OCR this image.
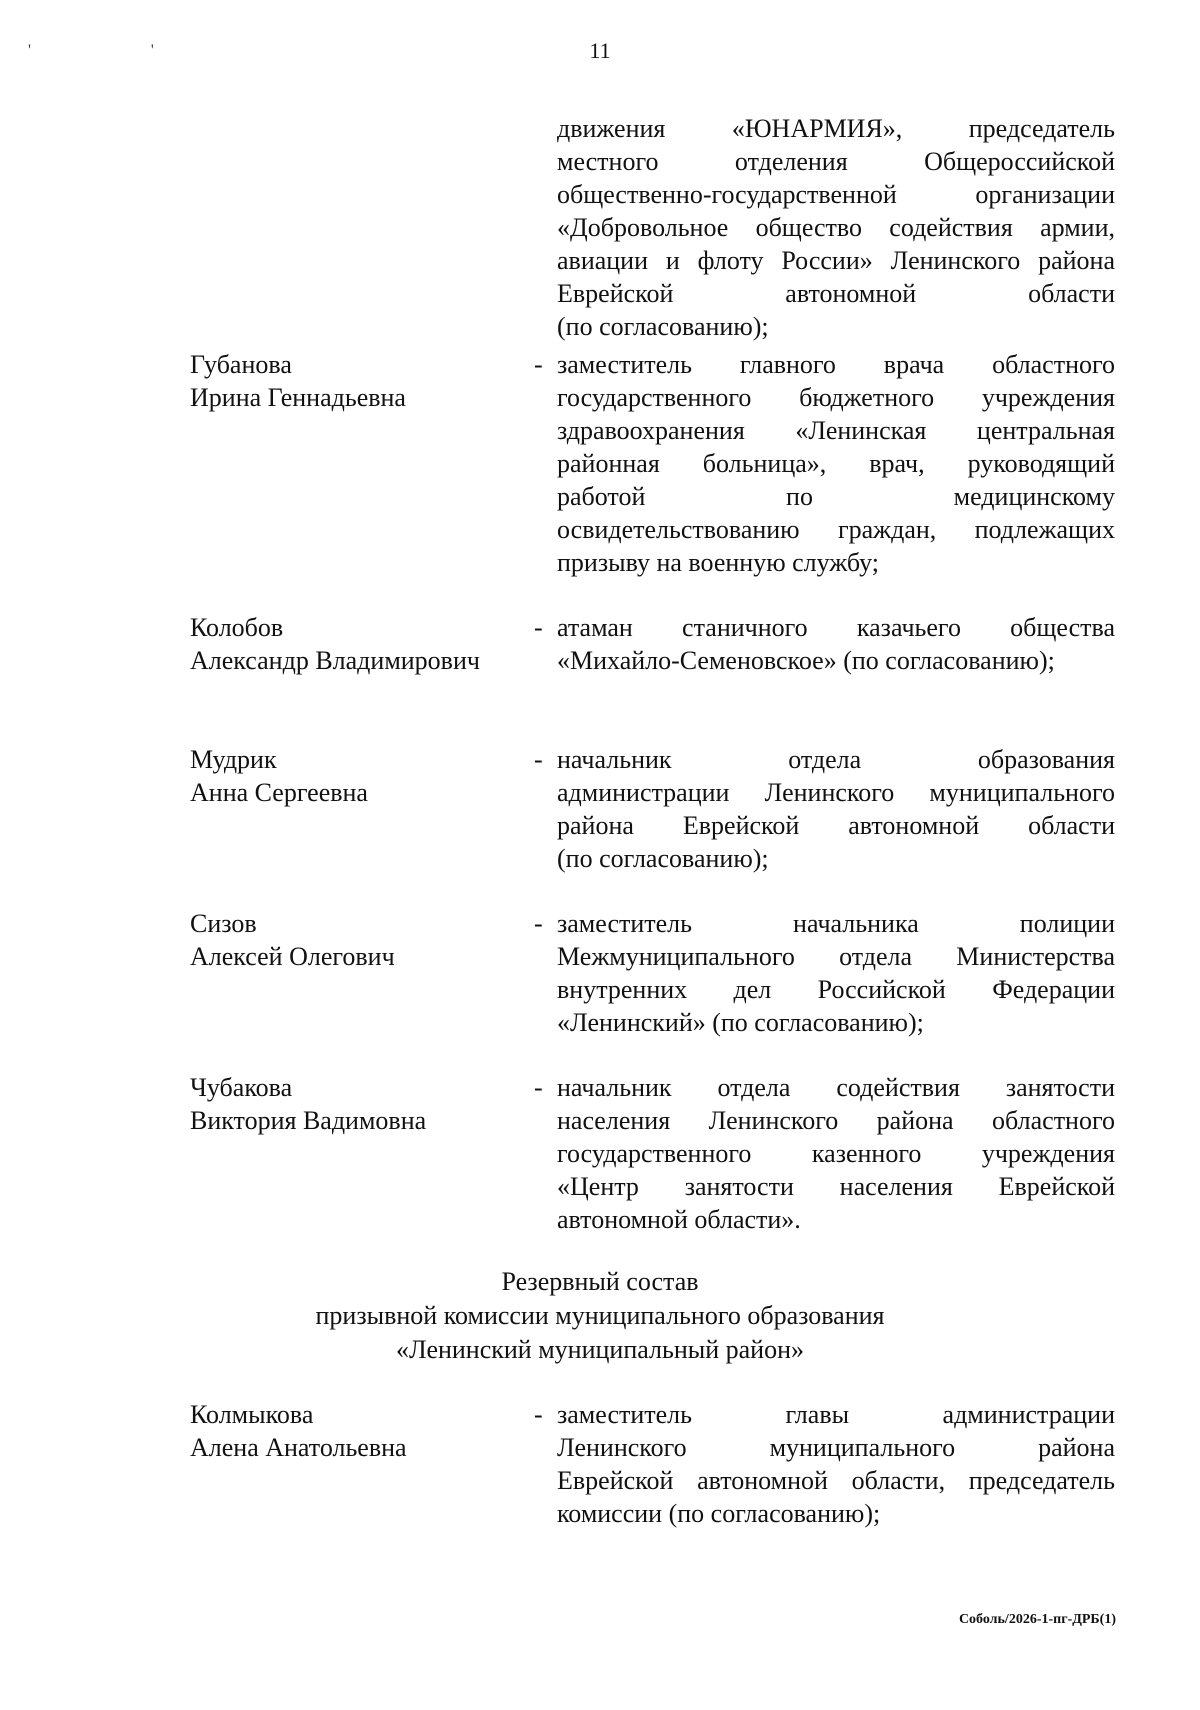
' '	11
движения «ЮНАРМИЯ», председатель
местного отделения Общероссийской
общественно-государственной организации
«Добровольное общество содействия армии,
авиации и флоту России» Ленинского района
Еврейской автономной области
(по согласованию);
Губанова
Ирина Геннадьевна
- заместитель главного врача областного
государственного бюджетного учреждения
здравоохранения «Ленинская центральная
районная больница», врач, руководящий
работой по медицинскому
освидетельствованию граждан, подлежащих
призыву на военную службу;
Колобов
Александр Владимирович
- атаман станичного казачьего общества
«Михайло-Семеновское» (по согласованию);
Мудрик
Анна Сергеевна
- начальник отдела образования
администрации Ленинского муниципального
района Еврейской автономной области
(по согласованию);
Сизов
Алексей Олегович
- заместитель начальника полиции
Межмуниципального отдела Министерства
внутренних дел Российской Федерации
«Ленинский» (по согласованию);
Чубакова
Виктория Вадимовна
- начальник отдела содействия занятости
населения Ленинского района областного
государственного казенного учреждения
«Центр занятости населения Еврейской
автономной области».
Резервный состав
призывной комиссии муниципального образования
«Ленинский муниципальный район»
Колмыкова
Алена Анатольевна
- заместитель главы администрации
Ленинского муниципального района
Еврейской автономной области, председатель
комиссии (по согласованию);
Соболь/2026-1-пг-ДРБ(1)
